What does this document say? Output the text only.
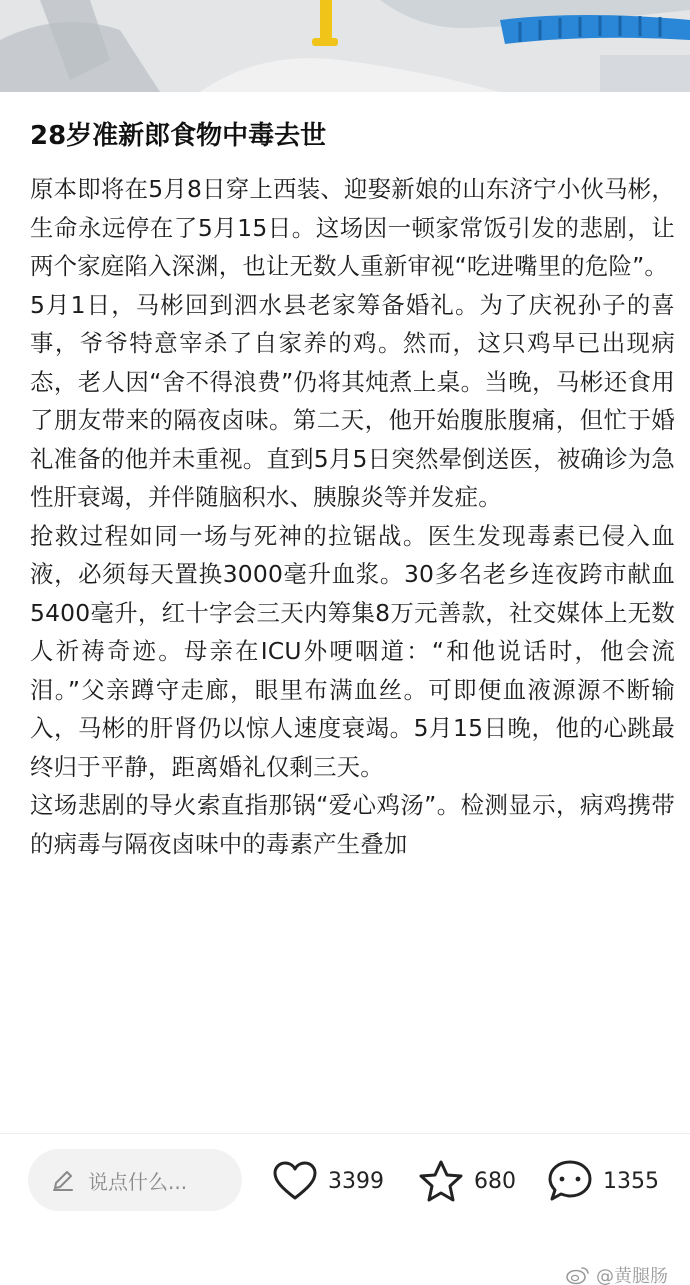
28岁准新郎食物中毒去世

原本即将在5月8日穿上西装、迎娶新娘的山东济宁小伙马彬，生命永远停在了5月15日。这场因一顿家常饭引发的悲剧，让两个家庭陷入深渊，也让无数人重新审视“吃进嘴里的危险”。

5月1日，马彬回到泗水县老家筹备婚礼。为了庆祝孙子的喜事，爷爷特意宰杀了自家养的鸡。然而，这只鸡早已出现病态，老人因“舍不得浪费”仍将其炖煮上桌。当晚，马彬还食用了朋友带来的隔夜卤味。第二天，他开始腹胀腹痛，但忙于婚礼准备的他并未重视。直到5月5日突然晕倒送医，被确诊为急性肝衰竭，并伴随脑积水、胰腺炎等并发症。

抢救过程如同一场与死神的拉锯战。医生发现毒素已侵入血液，必须每天置换3000毫升血浆。30多名老乡连夜跨市献血5400毫升，红十字会三天内筹集8万元善款，社交媒体上无数人祈祷奇迹。母亲在ICU外哽咽道：“和他说话时，他会流泪。”父亲蹲守走廊，眼里布满血丝。可即便血液源源不断输入，马彬的肝肾仍以惊人速度衰竭。5月15日晚，他的心跳最终归于平静，距离婚礼仅剩三天。

这场悲剧的导火索直指那锅“爱心鸡汤”。检测显示，病鸡携带的病毒与隔夜卤味中的毒素产生叠加

说点什么...	3399	680	1355
@黄腿肠
